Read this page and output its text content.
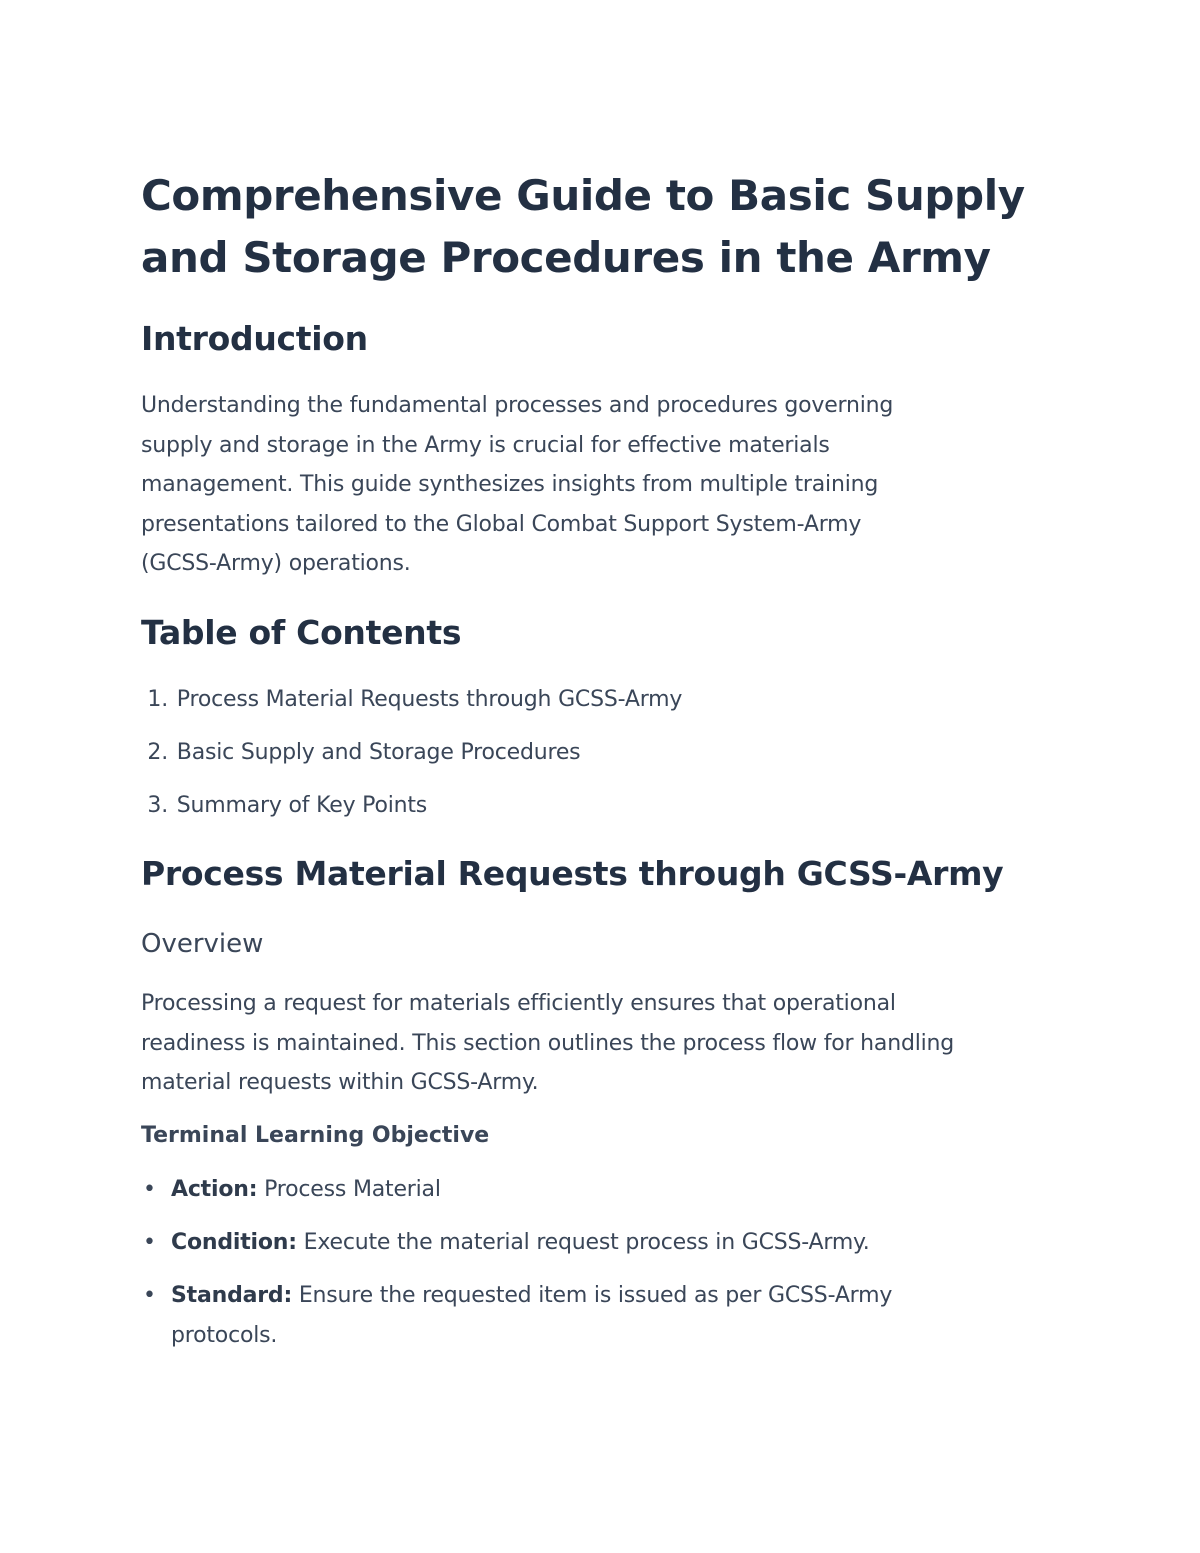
Comprehensive Guide to Basic Supply
and Storage Procedures in the Army
Introduction

Understanding the fundamental processes and procedures governing

supply and storage in the Army is crucial for effective materials

management. This guide synthesizes insights from multiple training

presentations tailored to the Global Combat Support System-Army

(GCSS-Army) operations.

Table of Contents
1. Process Material Requests through GCSS-Army
2. Basic Supply and Storage Procedures
3. Summary of Key Points
Process Material Requests through GCSS-Army
Overview

Processing a request for materials efficiently ensures that operational

readiness is maintained. This section outlines the process flow for handling

material requests within GCSS-Army.

Terminal Learning Objective
• Action: Process Material
• Condition: Execute the material request process in GCSS-Army.
• Standard: Ensure the requested item is issued as per GCSS-Army
protocols.
